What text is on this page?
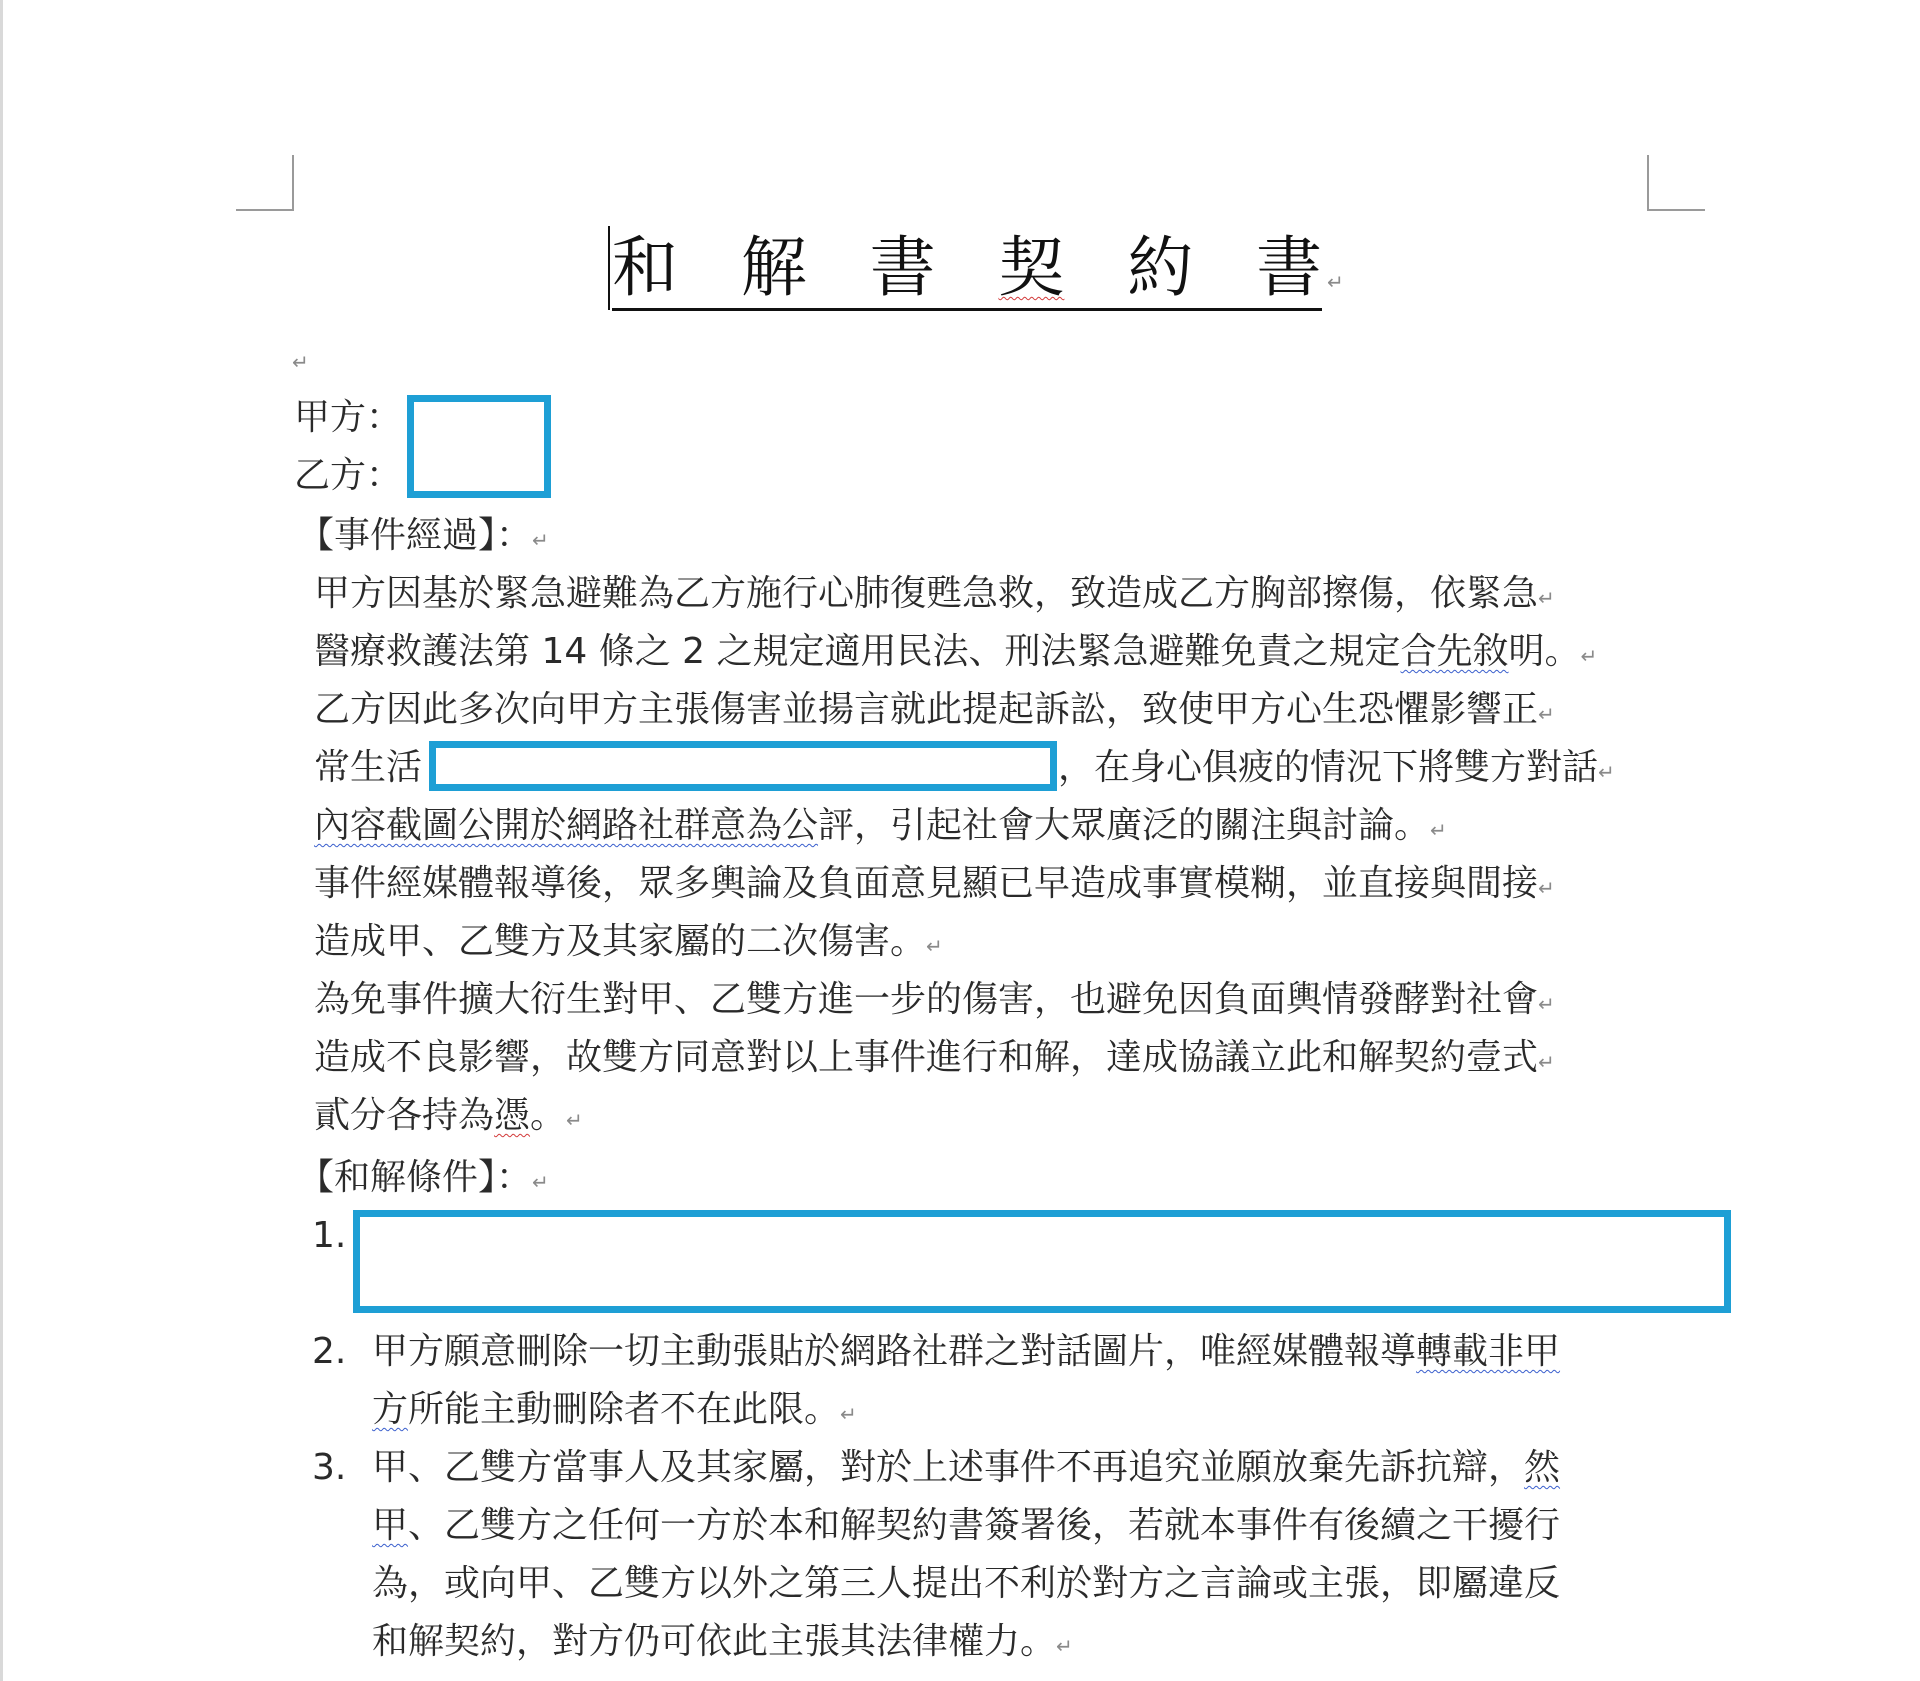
和 解 書 契 約 書 ↵
↵
甲方：
乙方：
【事件經過】：↵
甲方因基於緊急避難為乙方施行心肺復甦急救，致造成乙方胸部擦傷，依緊急↵
醫療救護法第 14 條之 2 之規定適用民法、刑法緊急避難免責之規定合先敘明。↵
乙方因此多次向甲方主張傷害並揚言就此提起訴訟，致使甲方心生恐懼影響正↵
常生活	，在身心俱疲的情況下將雙方對話↵
內容截圖公開於網路社群意為公評，引起社會大眾廣泛的關注與討論。↵
事件經媒體報導後，眾多輿論及負面意見顯已早造成事實模糊，並直接與間接↵
造成甲、乙雙方及其家屬的二次傷害。↵
為免事件擴大衍生對甲、乙雙方進一步的傷害，也避免因負面輿情發酵對社會↵
造成不良影響，故雙方同意對以上事件進行和解，達成協議立此和解契約壹式↵
貳分各持為憑。↵
【和解條件】：↵
1.
2. 甲方願意刪除一切主動張貼於網路社群之對話圖片，唯經媒體報導轉載非甲
方所能主動刪除者不在此限。↵
3. 甲、乙雙方當事人及其家屬，對於上述事件不再追究並願放棄先訴抗辯，然
甲、乙雙方之任何一方於本和解契約書簽署後，若就本事件有後續之干擾行
為，或向甲、乙雙方以外之第三人提出不利於對方之言論或主張，即屬違反
和解契約，對方仍可依此主張其法律權力。↵
